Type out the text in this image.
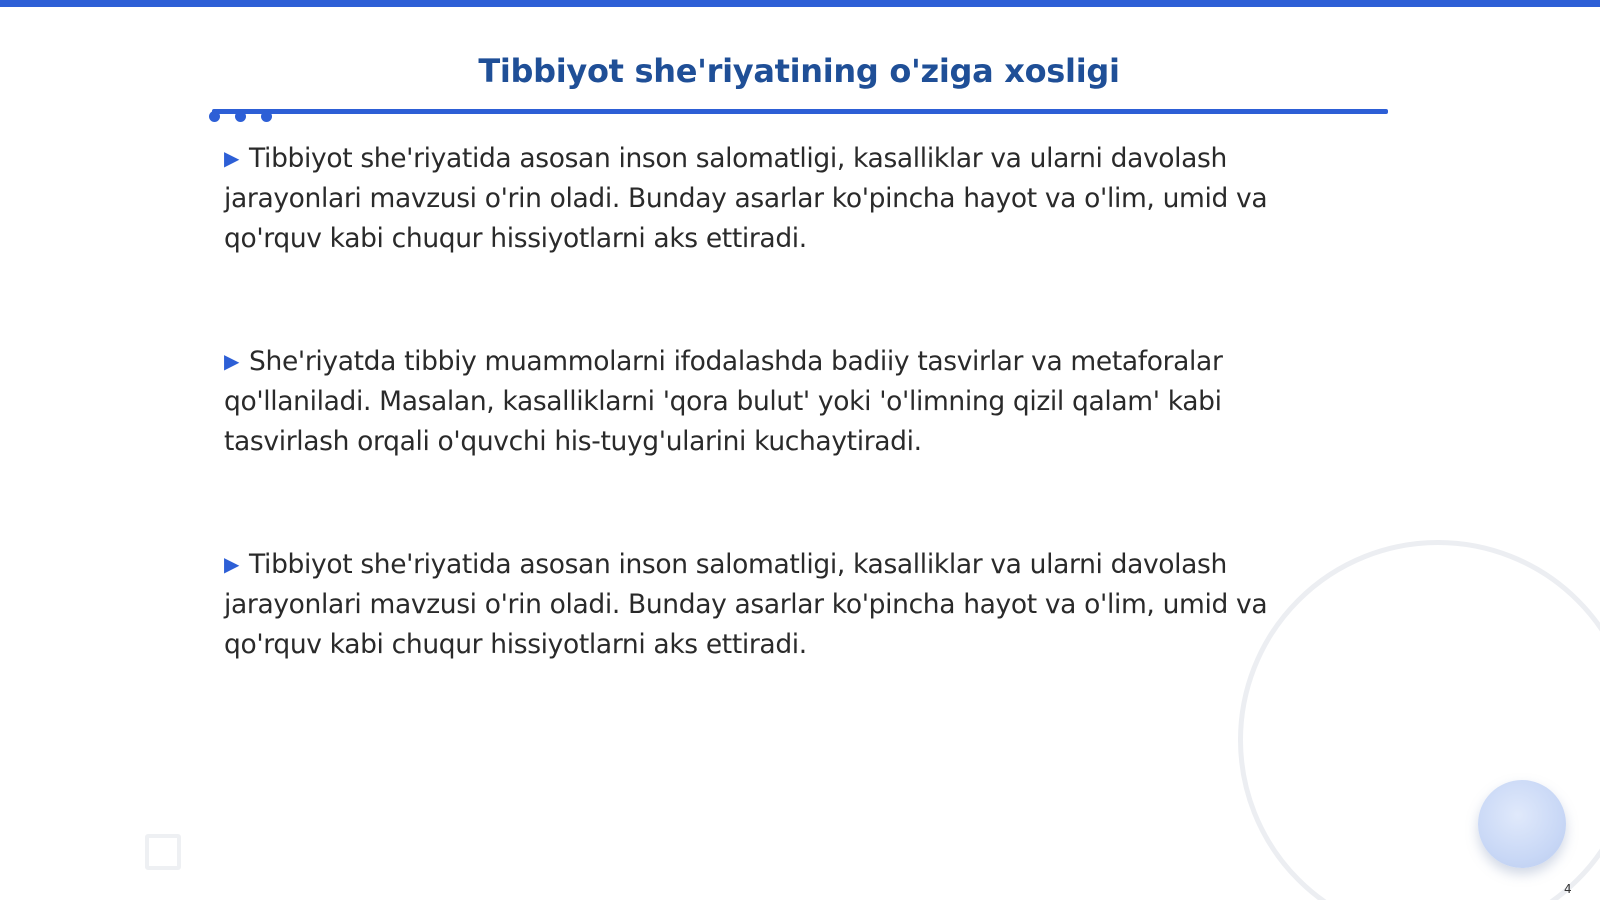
Tibbiyot she'riyatining o'ziga xosligi

▶ Tibbiyot she'riyatida asosan inson salomatligi, kasalliklar va ularni davolash jarayonlari mavzusi o'rin oladi. Bunday asarlar ko'pincha hayot va o'lim, umid va qo'rquv kabi chuqur hissiyotlarni aks ettiradi.

▶ She'riyatda tibbiy muammolarni ifodalashda badiiy tasvirlar va metaforalar qo'llaniladi. Masalan, kasalliklarni 'qora bulut' yoki 'o'limning qizil qalam' kabi tasvirlash orqali o'quvchi his-tuyg'ularini kuchaytiradi.

▶ Tibbiyot she'riyatida asosan inson salomatligi, kasalliklar va ularni davolash jarayonlari mavzusi o'rin oladi. Bunday asarlar ko'pincha hayot va o'lim, umid va qo'rquv kabi chuqur hissiyotlarni aks ettiradi.

4
